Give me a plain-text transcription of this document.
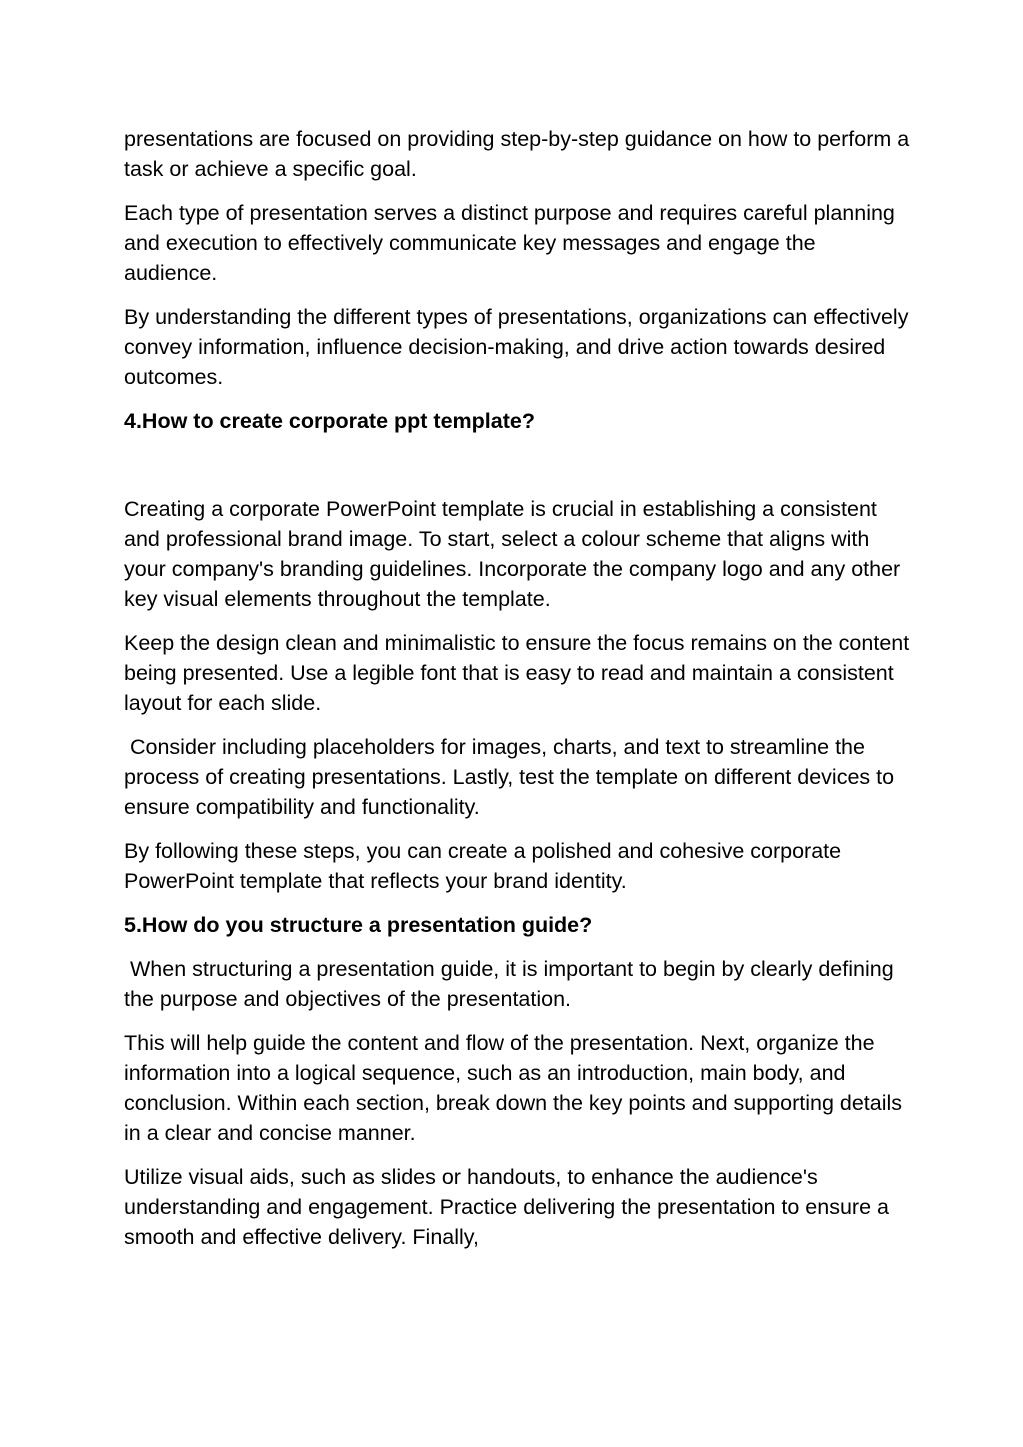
presentations are focused on providing step-by-step guidance on how to perform a task or achieve a specific goal.

Each type of presentation serves a distinct purpose and requires careful planning and execution to effectively communicate key messages and engage the audience.

By understanding the different types of presentations, organizations can effectively convey information, influence decision-making, and drive action towards desired outcomes.

4.How to create corporate ppt template?

Creating a corporate PowerPoint template is crucial in establishing a consistent and professional brand image. To start, select a colour scheme that aligns with your company's branding guidelines. Incorporate the company logo and any other key visual elements throughout the template.

Keep the design clean and minimalistic to ensure the focus remains on the content being presented. Use a legible font that is easy to read and maintain a consistent layout for each slide.

Consider including placeholders for images, charts, and text to streamline the process of creating presentations. Lastly, test the template on different devices to ensure compatibility and functionality.

By following these steps, you can create a polished and cohesive corporate PowerPoint template that reflects your brand identity.

5.How do you structure a presentation guide?

When structuring a presentation guide, it is important to begin by clearly defining the purpose and objectives of the presentation.

This will help guide the content and flow of the presentation. Next, organize the information into a logical sequence, such as an introduction, main body, and conclusion. Within each section, break down the key points and supporting details in a clear and concise manner.

Utilize visual aids, such as slides or handouts, to enhance the audience's understanding and engagement. Practice delivering the presentation to ensure a smooth and effective delivery. Finally,
